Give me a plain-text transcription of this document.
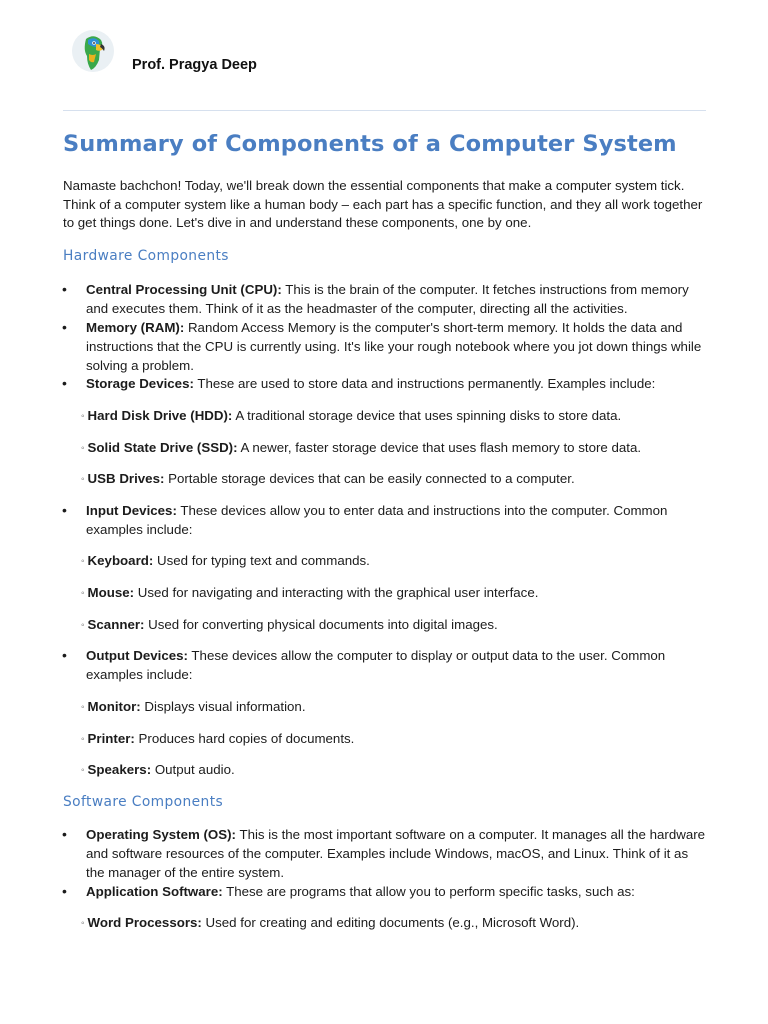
Prof. Pragya Deep
Summary of Components of a Computer System

Namaste bachchon! Today, we'll break down the essential components that make a computer system tick. Think of a computer system like a human body – each part has a specific function, and they all work together to get things done. Let's dive in and understand these components, one by one.

Hardware Components
• Central Processing Unit (CPU): This is the brain of the computer. It fetches instructions from memory and executes them. Think of it as the headmaster of the computer, directing all the activities.
• Memory (RAM): Random Access Memory is the computer's short-term memory. It holds the data and instructions that the CPU is currently using. It's like your rough notebook where you jot down things while solving a problem.
• Storage Devices: These are used to store data and instructions permanently. Examples include:
◦ Hard Disk Drive (HDD): A traditional storage device that uses spinning disks to store data.
◦ Solid State Drive (SSD): A newer, faster storage device that uses flash memory to store data.
◦ USB Drives: Portable storage devices that can be easily connected to a computer.
• Input Devices: These devices allow you to enter data and instructions into the computer. Common examples include:
◦ Keyboard: Used for typing text and commands.
◦ Mouse: Used for navigating and interacting with the graphical user interface.
◦ Scanner: Used for converting physical documents into digital images.
• Output Devices: These devices allow the computer to display or output data to the user. Common examples include:
◦ Monitor: Displays visual information.
◦ Printer: Produces hard copies of documents.
◦ Speakers: Output audio.
Software Components
• Operating System (OS): This is the most important software on a computer. It manages all the hardware and software resources of the computer. Examples include Windows, macOS, and Linux. Think of it as the manager of the entire system.
• Application Software: These are programs that allow you to perform specific tasks, such as:
◦ Word Processors: Used for creating and editing documents (e.g., Microsoft Word).
